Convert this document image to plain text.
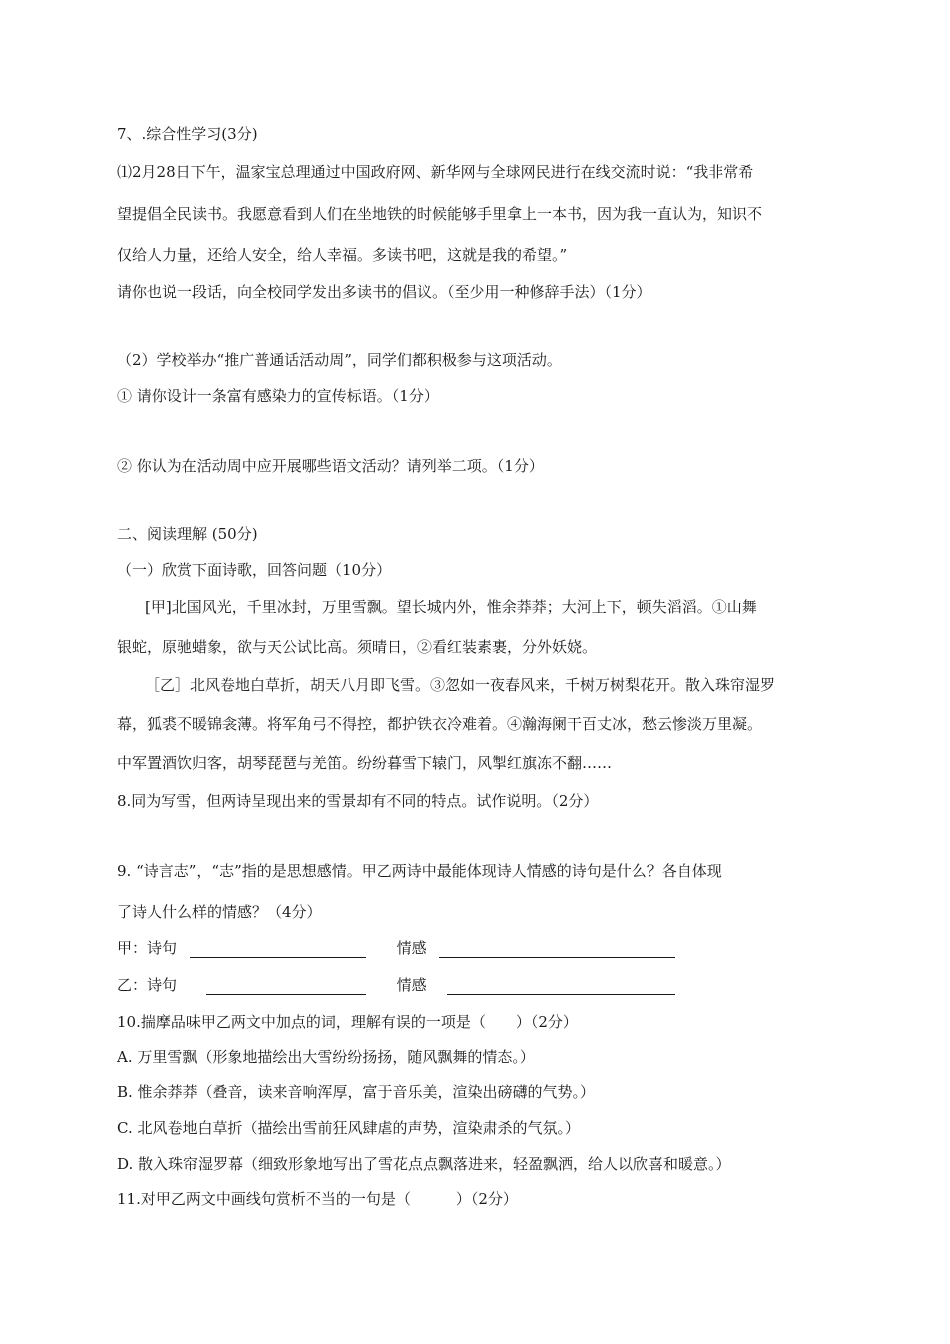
7、.综合性学习(3分)
⑴2月28日下午，温家宝总理通过中国政府网、新华网与全球网民进行在线交流时说：“我非常希
望提倡全民读书。我愿意看到人们在坐地铁的时候能够手里拿上一本书，因为我一直认为，知识不
仅给人力量，还给人安全，给人幸福。多读书吧，这就是我的希望。”
请你也说一段话，向全校同学发出多读书的倡议。（至少用一种修辞手法）（1分）
（2）学校举办“推广普通话活动周”，同学们都积极参与这项活动。
① 请你设计一条富有感染力的宣传标语。（1分）
② 你认为在活动周中应开展哪些语文活动？请列举二项。（1分）
二、阅读理解 (50分)
（一）欣赏下面诗歌，回答问题（10分）
[甲]北国风光，千里冰封，万里雪飘。望长城内外，惟余莽莽；大河上下，顿失滔滔。①山舞
银蛇，原驰蜡象，欲与天公试比高。须晴日，②看红装素裹，分外妖娆。
［乙］北风卷地白草折，胡天八月即飞雪。③忽如一夜春风来，千树万树梨花开。散入珠帘湿罗
幕，狐裘不暖锦衾薄。将军角弓不得控，都护铁衣冷难着。④瀚海阑干百丈冰，愁云惨淡万里凝。
中军置酒饮归客，胡琴琵琶与羌笛。纷纷暮雪下辕门，风掣红旗冻不翻……
8.同为写雪，但两诗呈现出来的雪景却有不同的特点。试作说明。（2分）
9. “诗言志”，“志”指的是思想感情。甲乙两诗中最能体现诗人情感的诗句是什么？各自体现
了诗人什么样的情感？（4分）
甲：诗句	情感
乙：诗句	情感
10.揣摩品味甲乙两文中加点的词，理解有误的一项是（　　）（2分）
A. 万里雪飘（形象地描绘出大雪纷纷扬扬，随风飘舞的情态。）
B. 惟余莽莽（叠音，读来音响浑厚，富于音乐美，渲染出磅礴的气势。）
C. 北风卷地白草折（描绘出雪前狂风肆虐的声势，渲染肃杀的气氛。）
D. 散入珠帘湿罗幕（细致形象地写出了雪花点点飘落进来，轻盈飘洒，给人以欣喜和暖意。）
11.对甲乙两文中画线句赏析不当的一句是（　　　）（2分）
